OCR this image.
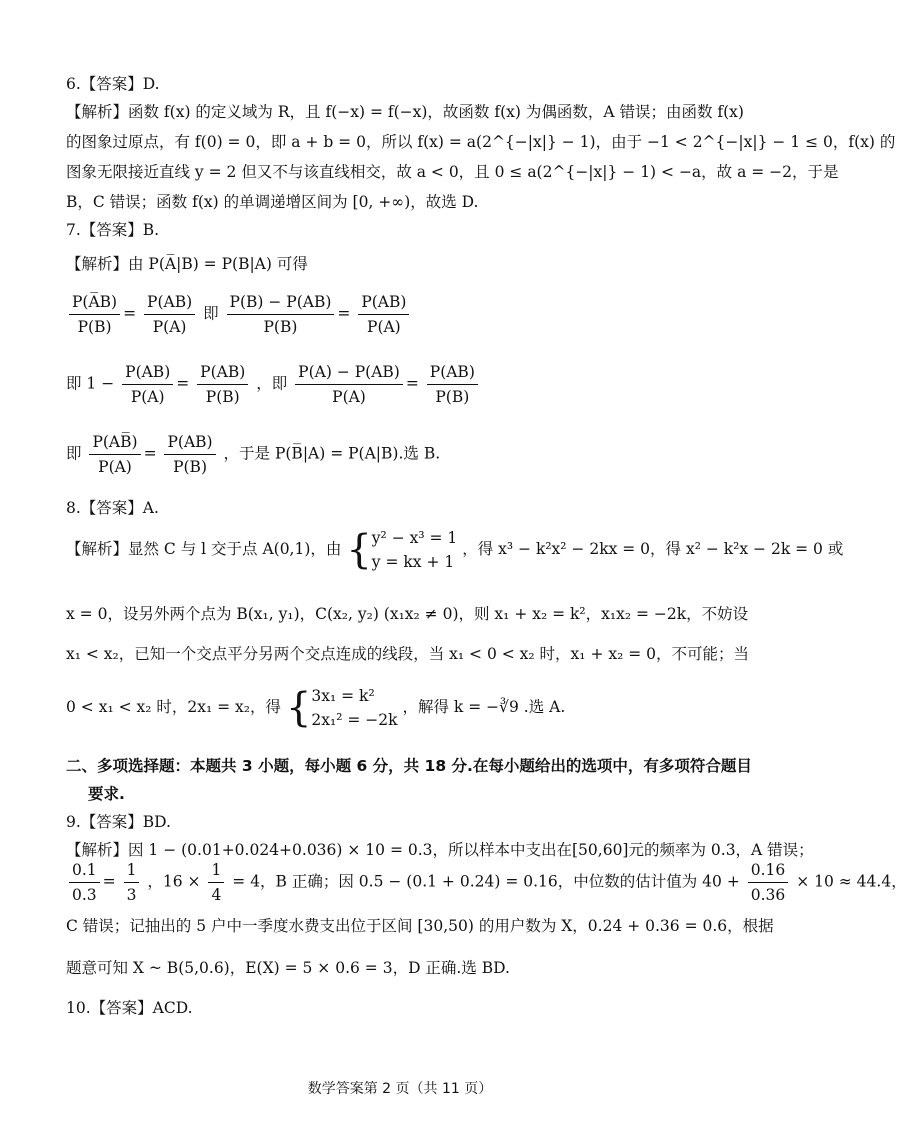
6.【答案】D.
【解析】函数 f(x) 的定义域为 R，且 f(−x) = f(−x)，故函数 f(x) 为偶函数，A 错误；由函数 f(x)
的图象过原点，有 f(0) = 0，即 a + b = 0，所以 f(x) = a(2^{−|x|} − 1)，由于 −1 < 2^{−|x|} − 1 ≤ 0，f(x) 的
图象无限接近直线 y = 2 但又不与该直线相交，故 a < 0，且 0 ≤ a(2^{−|x|} − 1) < −a，故 a = −2，于是
B，C 错误；函数 f(x) 的单调递增区间为 [0, +∞)，故选 D.
7.【答案】B.
【解析】由 P(A̅|B) = P(B|A) 可得
$\frac{P(A̅B)}{P(B)} = \frac{P(AB)}{P(A)}$ 即 $\frac{P(B) - P(AB)}{P(B)} = \frac{P(AB)}{P(A)}$
即 $1 - \frac{P(AB)}{P(A)} = \frac{P(AB)}{P(B)}$ ，即 $\frac{P(A) - P(AB)}{P(A)} = \frac{P(AB)}{P(B)}$
即 $\frac{P(AB̅)}{P(A)} = \frac{P(AB)}{P(B)}$ ，于是 P(B̅|A) = P(A|B).选 B.
8.【答案】A.
【解析】显然 C 与 l 交于点 A(0,1)，由 { y² − x³ = 1
y = kx + 1
，得 x³ − k²x² − 2kx = 0，得 x² − k²x − 2k = 0 或
x = 0，设另外两个点为 B(x₁, y₁)，C(x₂, y₂) (x₁x₂ ≠ 0)，则 x₁ + x₂ = k²，x₁x₂ = −2k，不妨设
x₁ < x₂，已知一个交点平分另两个交点连成的线段，当 x₁ < 0 < x₂ 时，x₁ + x₂ = 0，不可能；当
0 < x₁ < x₂ 时，2x₁ = x₂，得 { 3x₁ = k²
2x₁² = −2k
，解得 k = −∛9 .选 A.
二、多项选择题：本题共 3 小题，每小题 6 分，共 18 分.在每小题给出的选项中，有多项符合题目
要求.
9.【答案】BD.
【解析】因 1 − (0.01+0.024+0.036) × 10 = 0.3，所以样本中支出在[50,60]元的频率为 0.3，A 错误；
$\frac{0.1}{0.3} = \frac{1}{3}$ ，$16 \times \frac{1}{4} = 4$，B 正确；因 0.5 − (0.1 + 0.24) = 0.16，中位数的估计值为 $40 + \frac{0.16}{0.36} \times 10 \approx 44.4$，
C 错误；记抽出的 5 户中一季度水费支出位于区间 [30,50) 的用户数为 X，0.24 + 0.36 = 0.6，根据
题意可知 X ~ B(5,0.6)，E(X) = 5 × 0.6 = 3，D 正确.选 BD.
10.【答案】ACD.
数学答案第 2 页（共 11 页）
